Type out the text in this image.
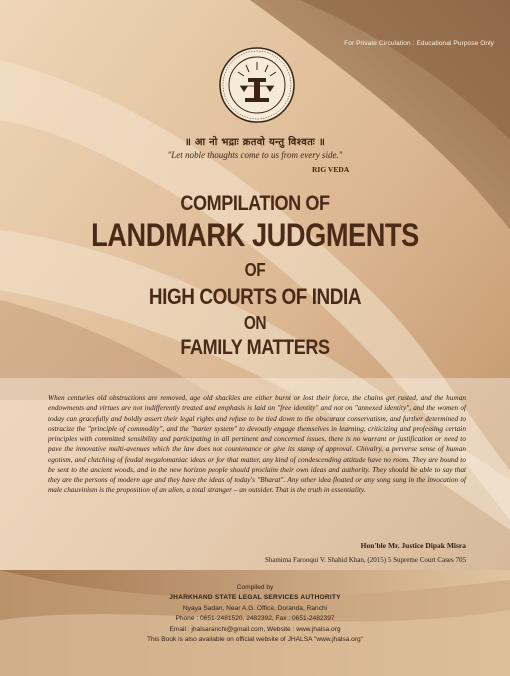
For Private Circulation : Educational Purpose Only
॥ आ नो भद्राः क्रतवो यन्तु विश्वतः ॥
"Let noble thoughts come to us from every side."
RIG VEDA
COMPILATION OF
LANDMARK JUDGMENTS
OF
HIGH COURTS OF INDIA
ON
FAMILY MATTERS
When centuries old obstructions are removed, age old shackles are either burnt or lost their force, the chains get rusted, and the human endowments and virtues are not indifferently treated and emphasis is laid on "free identity" and not on "annexed identity", and the women of today can gracefully and boldly assert their legal rights and refuse to be tied down to the obscurant conservatism, and further determined to ostracize the "principle of commodity", and the "barter system" to devoutly engage themselves in learning, criticizing and professing certain principles with committed sensibility and participating in all pertinent and concerned issues, there is no warrant or justification or need to pave the innovative multi-avenues which the law does not countenance or give its stamp of approval. Chivalry, a perverse sense of human egotism, and clutching of feudal megalomaniac ideas or for that matter, any kind of condescending attitude have no room. They are bound to be sent to the ancient woods, and in the new horizon people should proclaim their own ideas and authority. They should be able to say that they are the persons of modern age and they have the ideas of today's "Bharat". Any other idea floated or any song sung in the invocation of male chauvinism is the proposition of an alien, a total stranger – an outsider. That is the truth in essentiality.
Hon'ble Mr. Justice Dipak Misra
Shamima Farooqui V. Shahid Khan, (2015) 5 Supreme Court Cases 705
Compiled by
JHARKHAND STATE LEGAL SERVICES AUTHORITY
Nyaya Sadan, Near A.G. Office, Doranda, Ranchi
Phone : 0651-2481520, 2482392, Fax : 0651-2482397
Email : jhalsaranchi@gmail.com, Website : www.jhalsa.org
This Book is also available on official website of JHALSA "www.jhalsa.org"
